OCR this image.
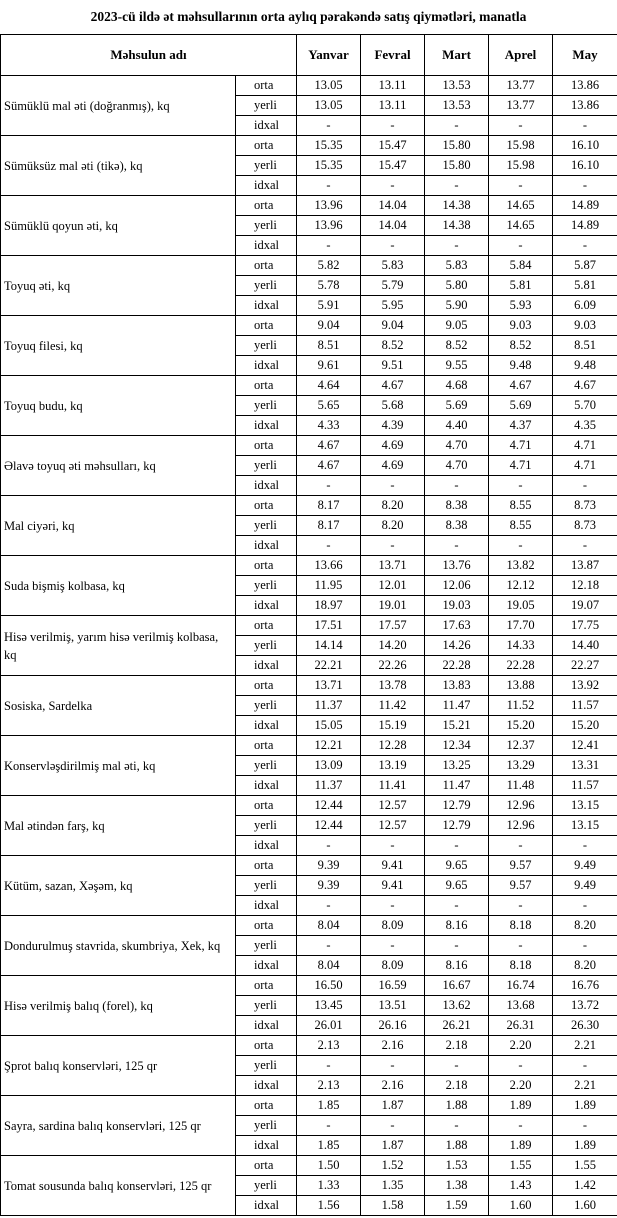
2023-cü ildə ət məhsullarının orta aylıq pərakəndə satış qiymətləri, manatla
Məhsulun adı		Yanvar	Fevral	Mart	Aprel	May
Sümüklü mal əti (doğranmış), kq	orta	13.05	13.11	13.53	13.77	13.86
	yerli	13.05	13.11	13.53	13.77	13.86
	idxal	-	-	-	-	-
Sümüksüz mal əti (tikə), kq	orta	15.35	15.47	15.80	15.98	16.10
	yerli	15.35	15.47	15.80	15.98	16.10
	idxal	-	-	-	-	-
Sümüklü qoyun əti, kq	orta	13.96	14.04	14.38	14.65	14.89
	yerli	13.96	14.04	14.38	14.65	14.89
	idxal	-	-	-	-	-
Toyuq əti, kq	orta	5.82	5.83	5.83	5.84	5.87
	yerli	5.78	5.79	5.80	5.81	5.81
	idxal	5.91	5.95	5.90	5.93	6.09
Toyuq filesi, kq	orta	9.04	9.04	9.05	9.03	9.03
	yerli	8.51	8.52	8.52	8.52	8.51
	idxal	9.61	9.51	9.55	9.48	9.48
Toyuq budu, kq	orta	4.64	4.67	4.68	4.67	4.67
	yerli	5.65	5.68	5.69	5.69	5.70
	idxal	4.33	4.39	4.40	4.37	4.35
Əlavə toyuq əti məhsulları, kq	orta	4.67	4.69	4.70	4.71	4.71
	yerli	4.67	4.69	4.70	4.71	4.71
	idxal	-	-	-	-	-
Mal ciyəri, kq	orta	8.17	8.20	8.38	8.55	8.73
	yerli	8.17	8.20	8.38	8.55	8.73
	idxal	-	-	-	-	-
Suda bişmiş kolbasa, kq	orta	13.66	13.71	13.76	13.82	13.87
	yerli	11.95	12.01	12.06	12.12	12.18
	idxal	18.97	19.01	19.03	19.05	19.07
Hisə verilmiş, yarım hisə verilmiş kolbasa, kq	orta	17.51	17.57	17.63	17.70	17.75
	yerli	14.14	14.20	14.26	14.33	14.40
	idxal	22.21	22.26	22.28	22.28	22.27
Sosiska, Sardelka	orta	13.71	13.78	13.83	13.88	13.92
	yerli	11.37	11.42	11.47	11.52	11.57
	idxal	15.05	15.19	15.21	15.20	15.20
Konservləşdirilmiş mal əti, kq	orta	12.21	12.28	12.34	12.37	12.41
	yerli	13.09	13.19	13.25	13.29	13.31
	idxal	11.37	11.41	11.47	11.48	11.57
Mal ətindən farş, kq	orta	12.44	12.57	12.79	12.96	13.15
	yerli	12.44	12.57	12.79	12.96	13.15
	idxal	-	-	-	-	-
Kütüm, sazan, Xəşəm, kq	orta	9.39	9.41	9.65	9.57	9.49
	yerli	9.39	9.41	9.65	9.57	9.49
	idxal	-	-	-	-	-
Dondurulmuş stavrida, skumbriya, Xek, kq	orta	8.04	8.09	8.16	8.18	8.20
	yerli	-	-	-	-	-
	idxal	8.04	8.09	8.16	8.18	8.20
Hisə verilmiş balıq (forel), kq	orta	16.50	16.59	16.67	16.74	16.76
	yerli	13.45	13.51	13.62	13.68	13.72
	idxal	26.01	26.16	26.21	26.31	26.30
Şprot balıq konservləri, 125 qr	orta	2.13	2.16	2.18	2.20	2.21
	yerli	-	-	-	-	-
	idxal	2.13	2.16	2.18	2.20	2.21
Sayra, sardina balıq konservləri, 125 qr	orta	1.85	1.87	1.88	1.89	1.89
	yerli	-	-	-	-	-
	idxal	1.85	1.87	1.88	1.89	1.89
Tomat sousunda balıq konservləri, 125 qr	orta	1.50	1.52	1.53	1.55	1.55
	yerli	1.33	1.35	1.38	1.43	1.42
	idxal	1.56	1.58	1.59	1.60	1.60
